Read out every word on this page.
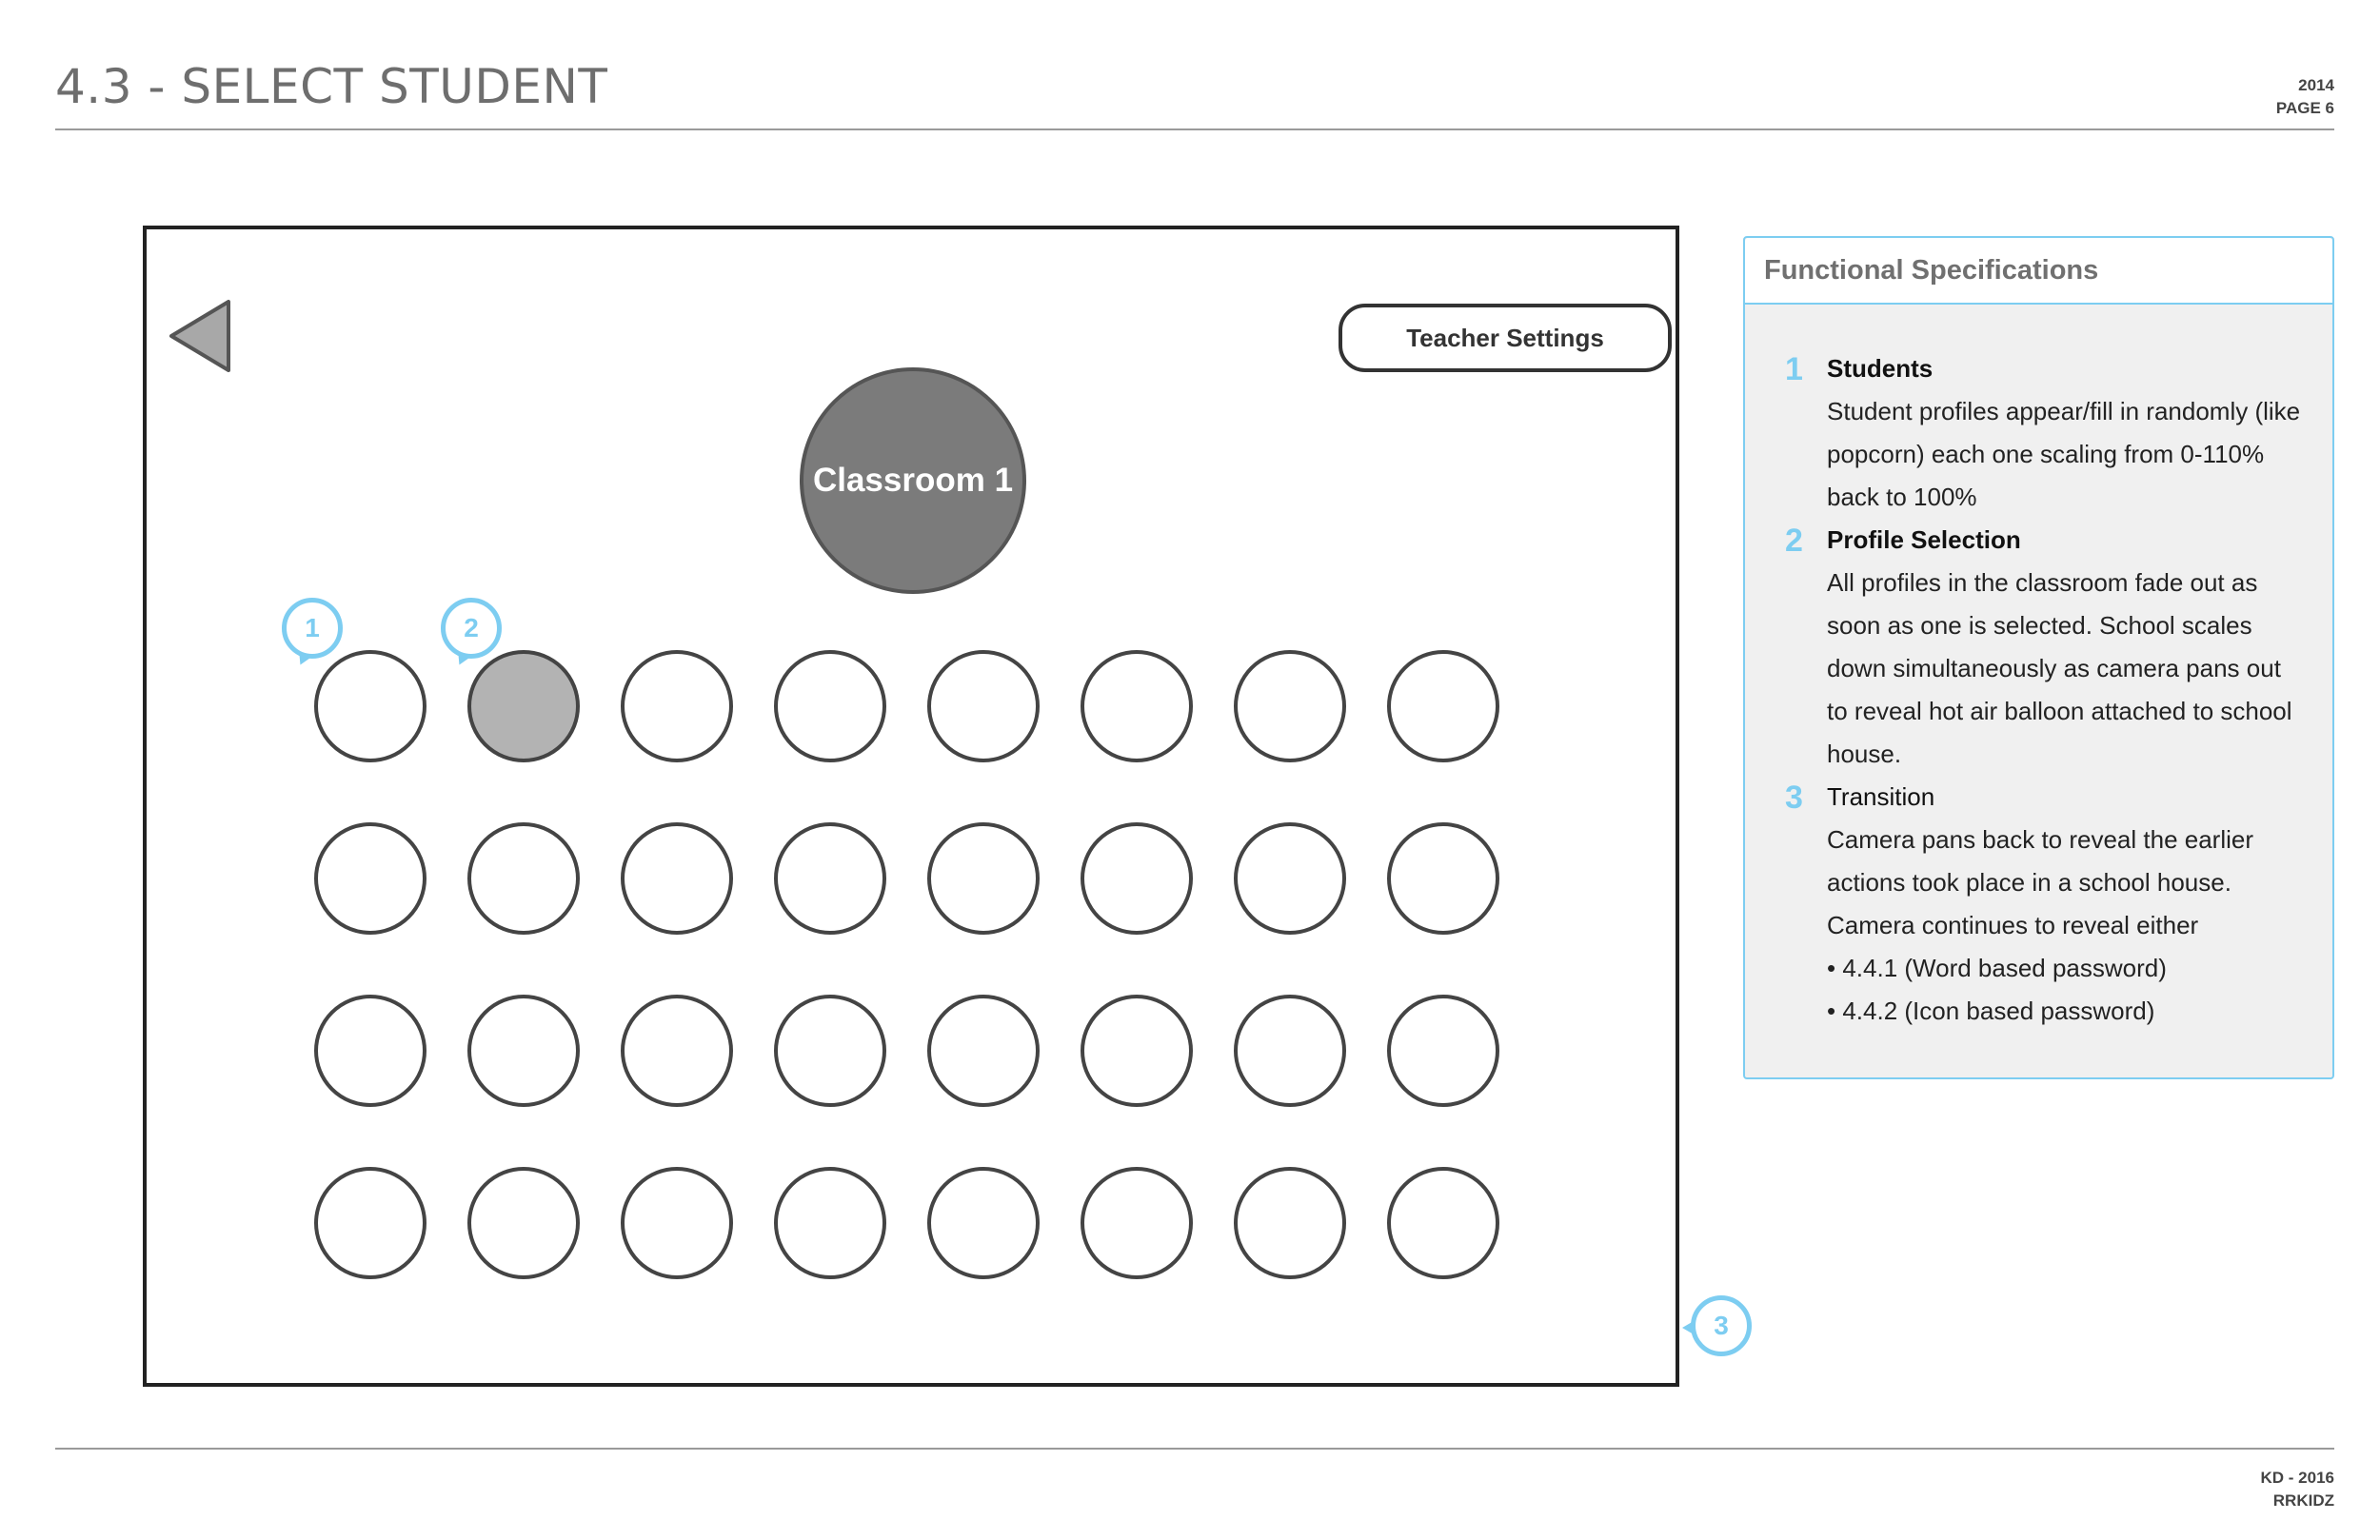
4.3 - SELECT STUDENT	2014
PAGE 6
Teacher Settings
Classroom 1
1	2
3
Functional Specifications
1 Students
Student profiles appear/fill in randomly (like
popcorn) each one scaling from 0-110%
back to 100%
2 Profile Selection
All profiles in the classroom fade out as
soon as one is selected. School scales
down simultaneously as camera pans out
to reveal hot air balloon attached to school
house.
3 Transition
Camera pans back to reveal the earlier
actions took place in a school house.
Camera continues to reveal either
• 4.4.1 (Word based password)
• 4.4.2 (Icon based password)
KD - 2016
RRKIDZ
